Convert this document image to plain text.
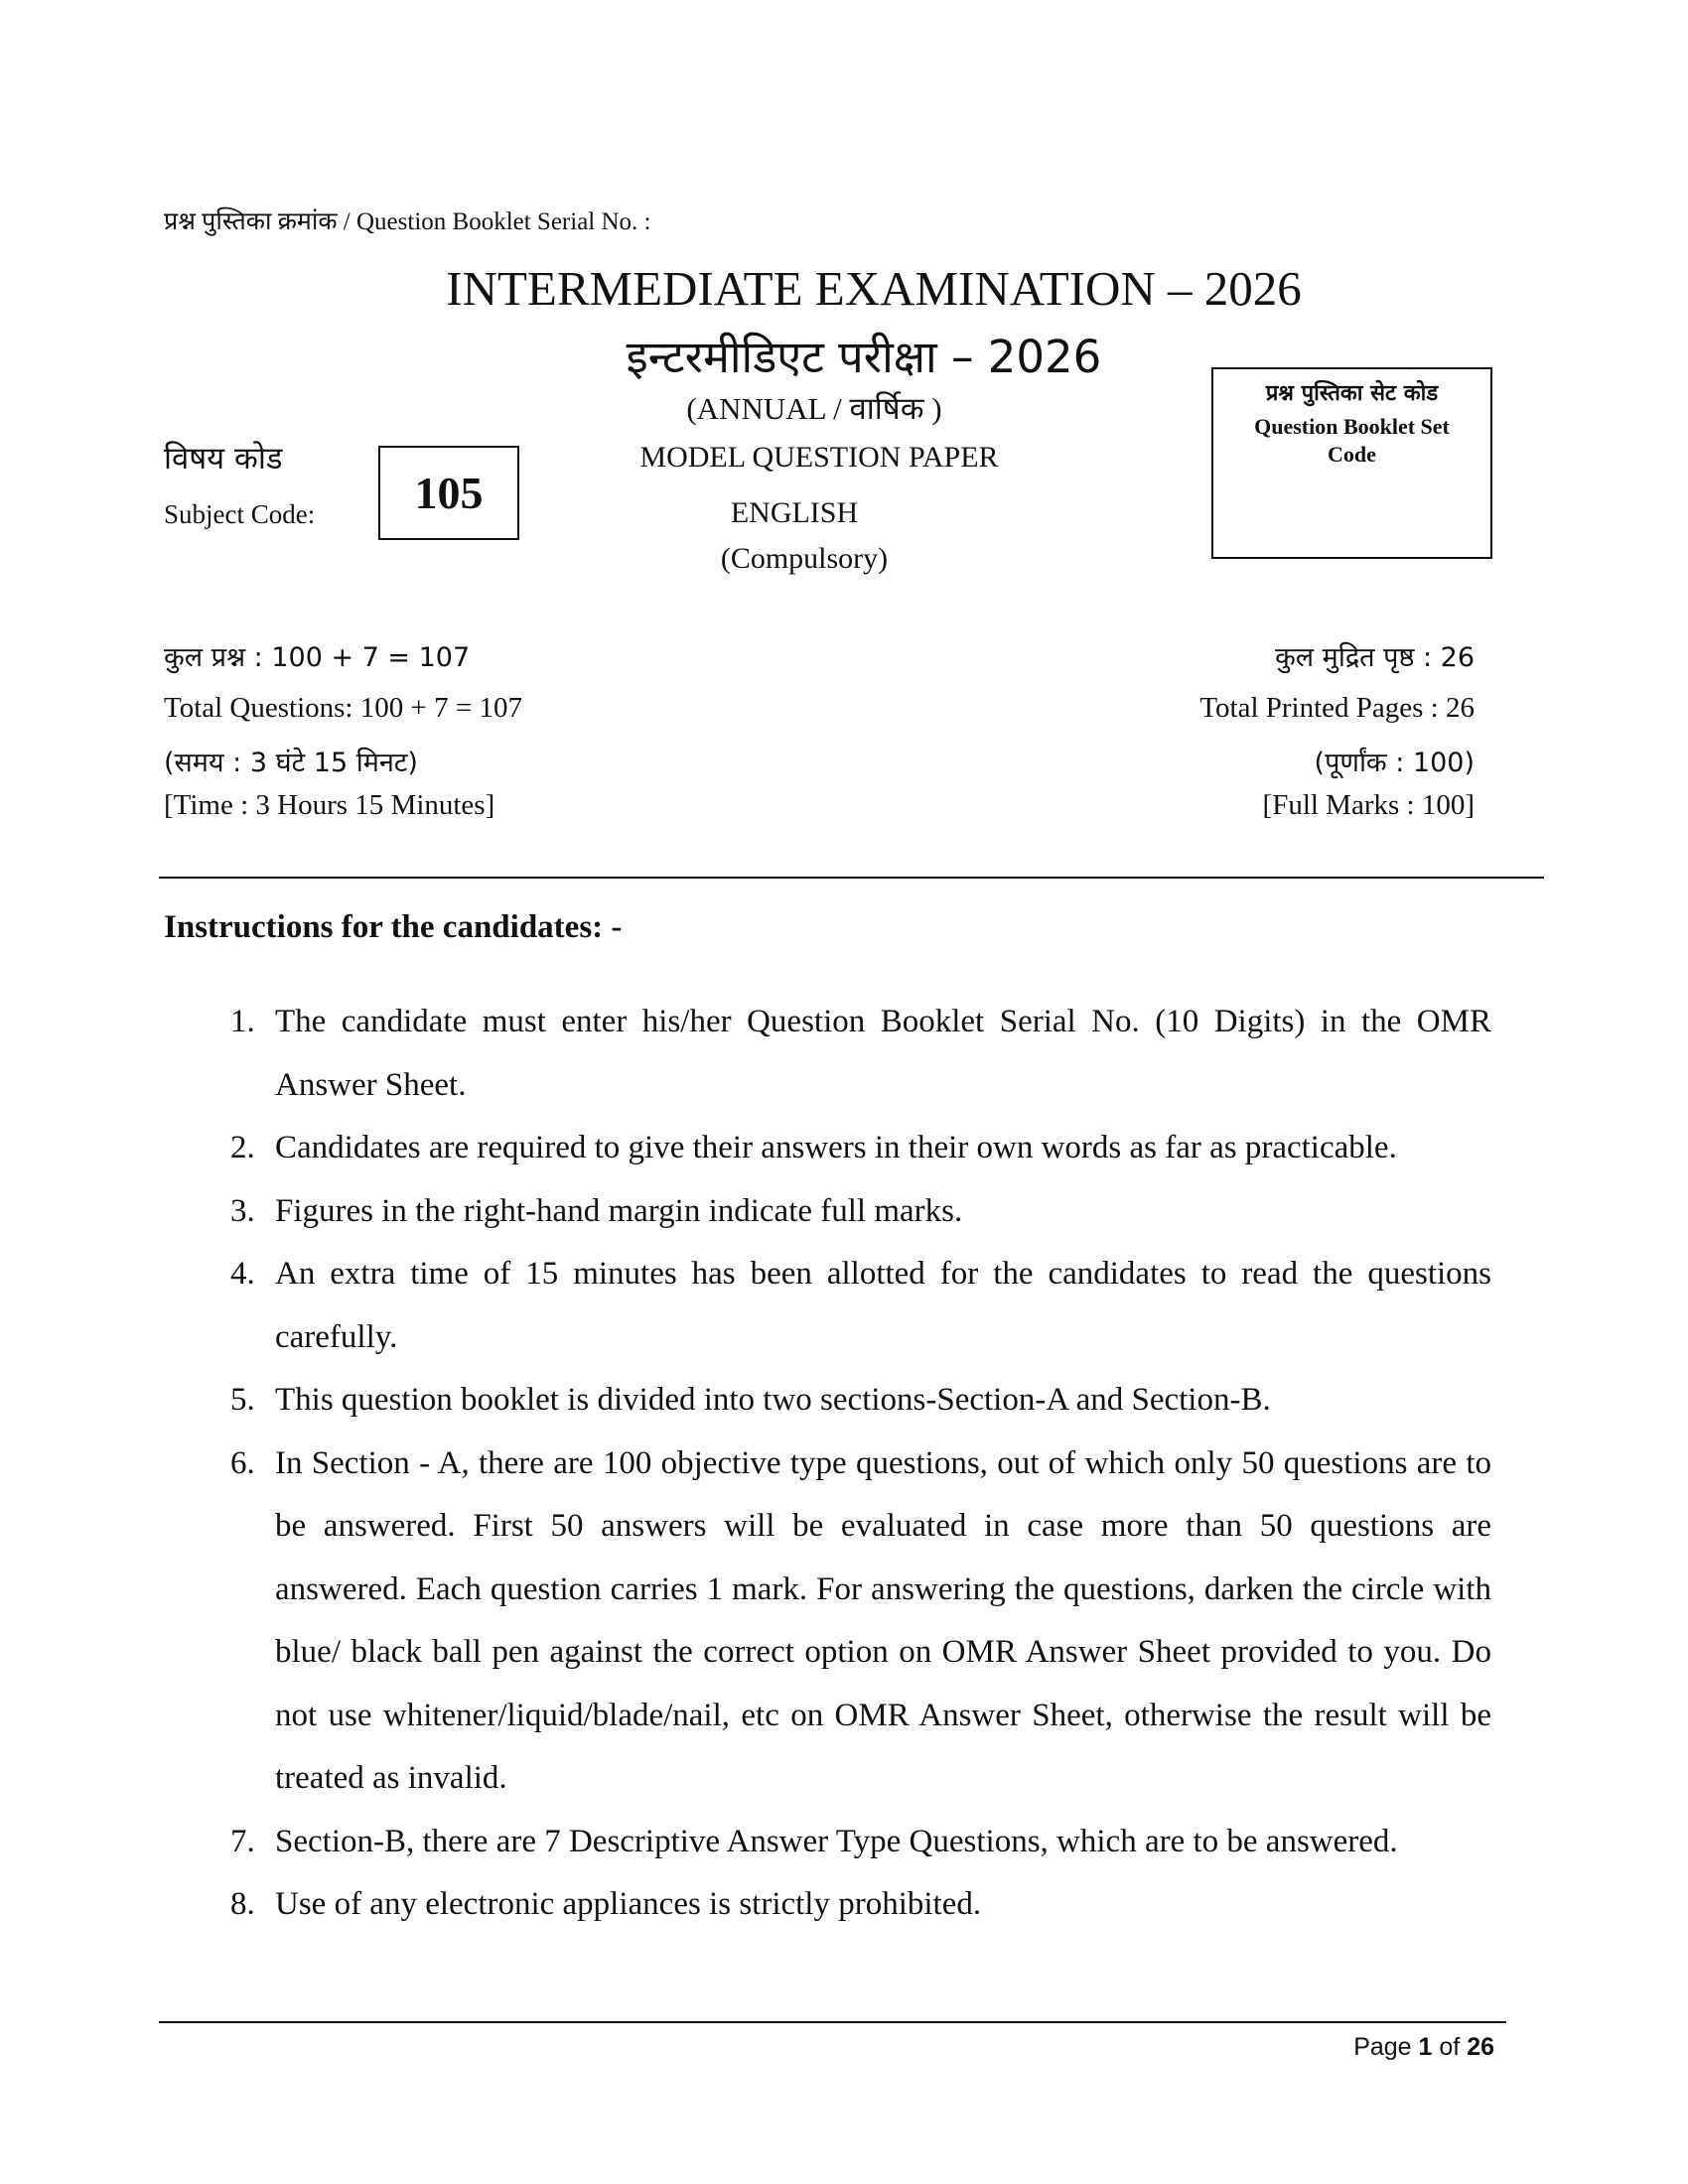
प्रश्न पुस्तिका क्रमांक / Question Booklet Serial No. :
INTERMEDIATE EXAMINATION – 2026
इन्टरमीडिएट परीक्षा – 2026
(ANNUAL / वार्षिक )
MODEL QUESTION PAPER
ENGLISH
(Compulsory)
विषय कोड
Subject Code: 105
प्रश्न पुस्तिका सेट कोड
Question Booklet Set Code
कुल प्रश्न : 100 + 7 = 107
Total Questions: 100 + 7 = 107
(समय : 3 घंटे 15 मिनट)
[Time : 3 Hours 15 Minutes]
कुल मुद्रित पृष्ठ : 26
Total Printed Pages : 26
(पूर्णांक : 100)
[Full Marks : 100]
Instructions for the candidates: -
1. The candidate must enter his/her Question Booklet Serial No. (10 Digits) in the OMR Answer Sheet.
2. Candidates are required to give their answers in their own words as far as practicable.
3. Figures in the right-hand margin indicate full marks.
4. An extra time of 15 minutes has been allotted for the candidates to read the questions carefully.
5. This question booklet is divided into two sections-Section-A and Section-B.
6. In Section - A, there are 100 objective type questions, out of which only 50 questions are to be answered. First 50 answers will be evaluated in case more than 50 questions are answered. Each question carries 1 mark. For answering the questions, darken the circle with blue/ black ball pen against the correct option on OMR Answer Sheet provided to you. Do not use whitener/liquid/blade/nail, etc on OMR Answer Sheet, otherwise the result will be treated as invalid.
7. Section-B, there are 7 Descriptive Answer Type Questions, which are to be answered.
8. Use of any electronic appliances is strictly prohibited.
Page 1 of 26
